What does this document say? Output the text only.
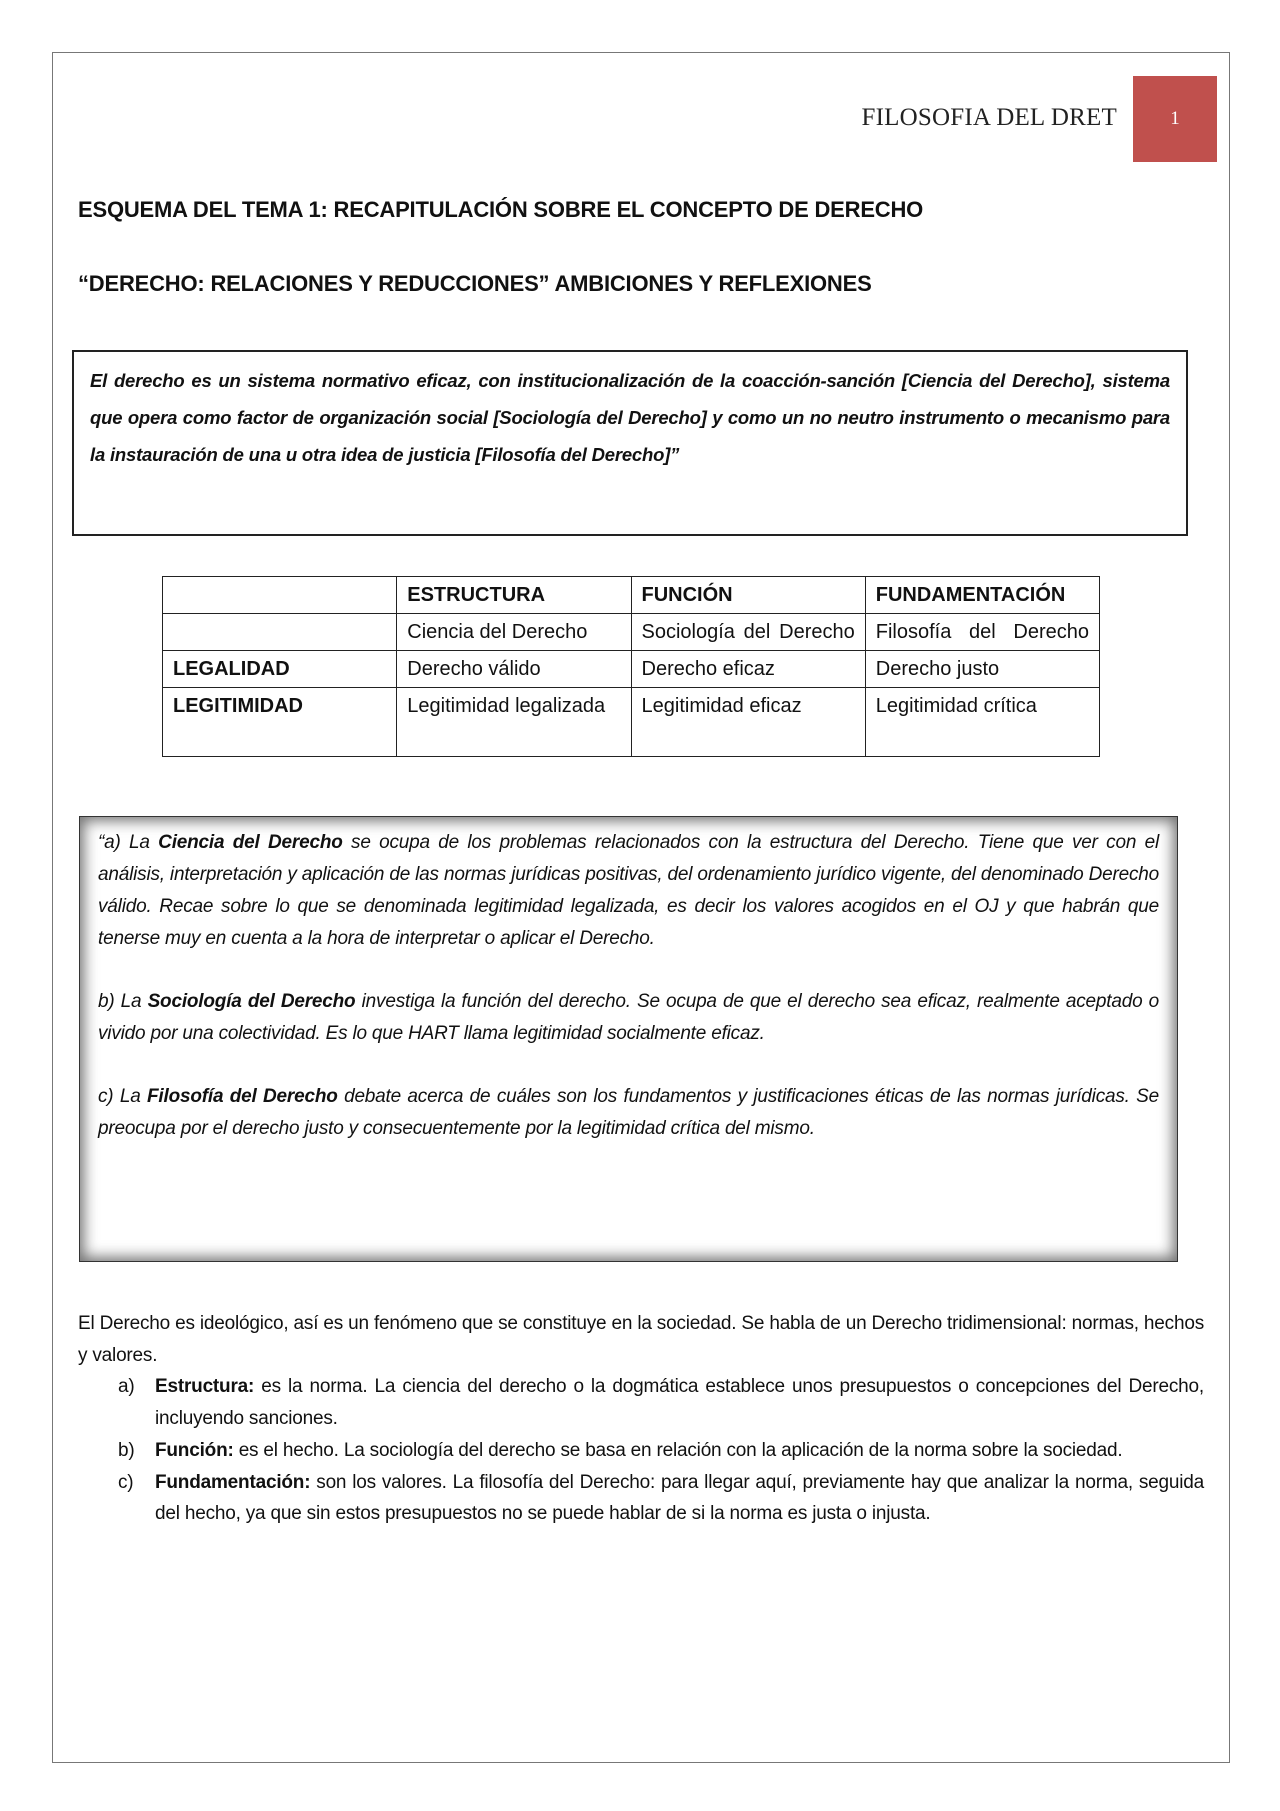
FILOSOFIA DEL DRET	1
ESQUEMA DEL TEMA 1: RECAPITULACIÓN SOBRE EL CONCEPTO DE DERECHO
“DERECHO: RELACIONES Y REDUCCIONES” AMBICIONES Y REFLEXIONES

El derecho es un sistema normativo eficaz, con institucionalización de la coacción-sanción [Ciencia del Derecho], sistema que opera como factor de organización social [Sociología del Derecho] y como un no neutro instrumento o mecanismo para la instauración de una u otra idea de justicia [Filosofía del Derecho]”

	ESTRUCTURA	FUNCIÓN	FUNDAMENTACIÓN
	Ciencia del Derecho	Sociología del Derecho	Filosofía del Derecho
LEGALIDAD	Derecho válido	Derecho eficaz	Derecho justo
LEGITIMIDAD	Legitimidad legalizada	Legitimidad eficaz	Legitimidad crítica

“a) La Ciencia del Derecho se ocupa de los problemas relacionados con la estructura del Derecho. Tiene que ver con el análisis, interpretación y aplicación de las normas jurídicas positivas, del ordenamiento jurídico vigente, del denominado Derecho válido. Recae sobre lo que se denominada legitimidad legalizada, es decir los valores acogidos en el OJ y que habrán que tenerse muy en cuenta a la hora de interpretar o aplicar el Derecho.

b) La Sociología del Derecho investiga la función del derecho. Se ocupa de que el derecho sea eficaz, realmente aceptado o vivido por una colectividad. Es lo que HART llama legitimidad socialmente eficaz.

c) La Filosofía del Derecho debate acerca de cuáles son los fundamentos y justificaciones éticas de las normas jurídicas. Se preocupa por el derecho justo y consecuentemente por la legitimidad crítica del mismo.

El Derecho es ideológico, así es un fenómeno que se constituye en la sociedad. Se habla de un Derecho tridimensional: normas, hechos y valores.

a)	Estructura: es la norma. La ciencia del derecho o la dogmática establece unos presupuestos o concepciones del Derecho, incluyendo sanciones.
b)	Función: es el hecho. La sociología del derecho se basa en relación con la aplicación de la norma sobre la sociedad.
c)	Fundamentación: son los valores. La filosofía del Derecho: para llegar aquí, previamente hay que analizar la norma, seguida del hecho, ya que sin estos presupuestos no se puede hablar de si la norma es justa o injusta.
